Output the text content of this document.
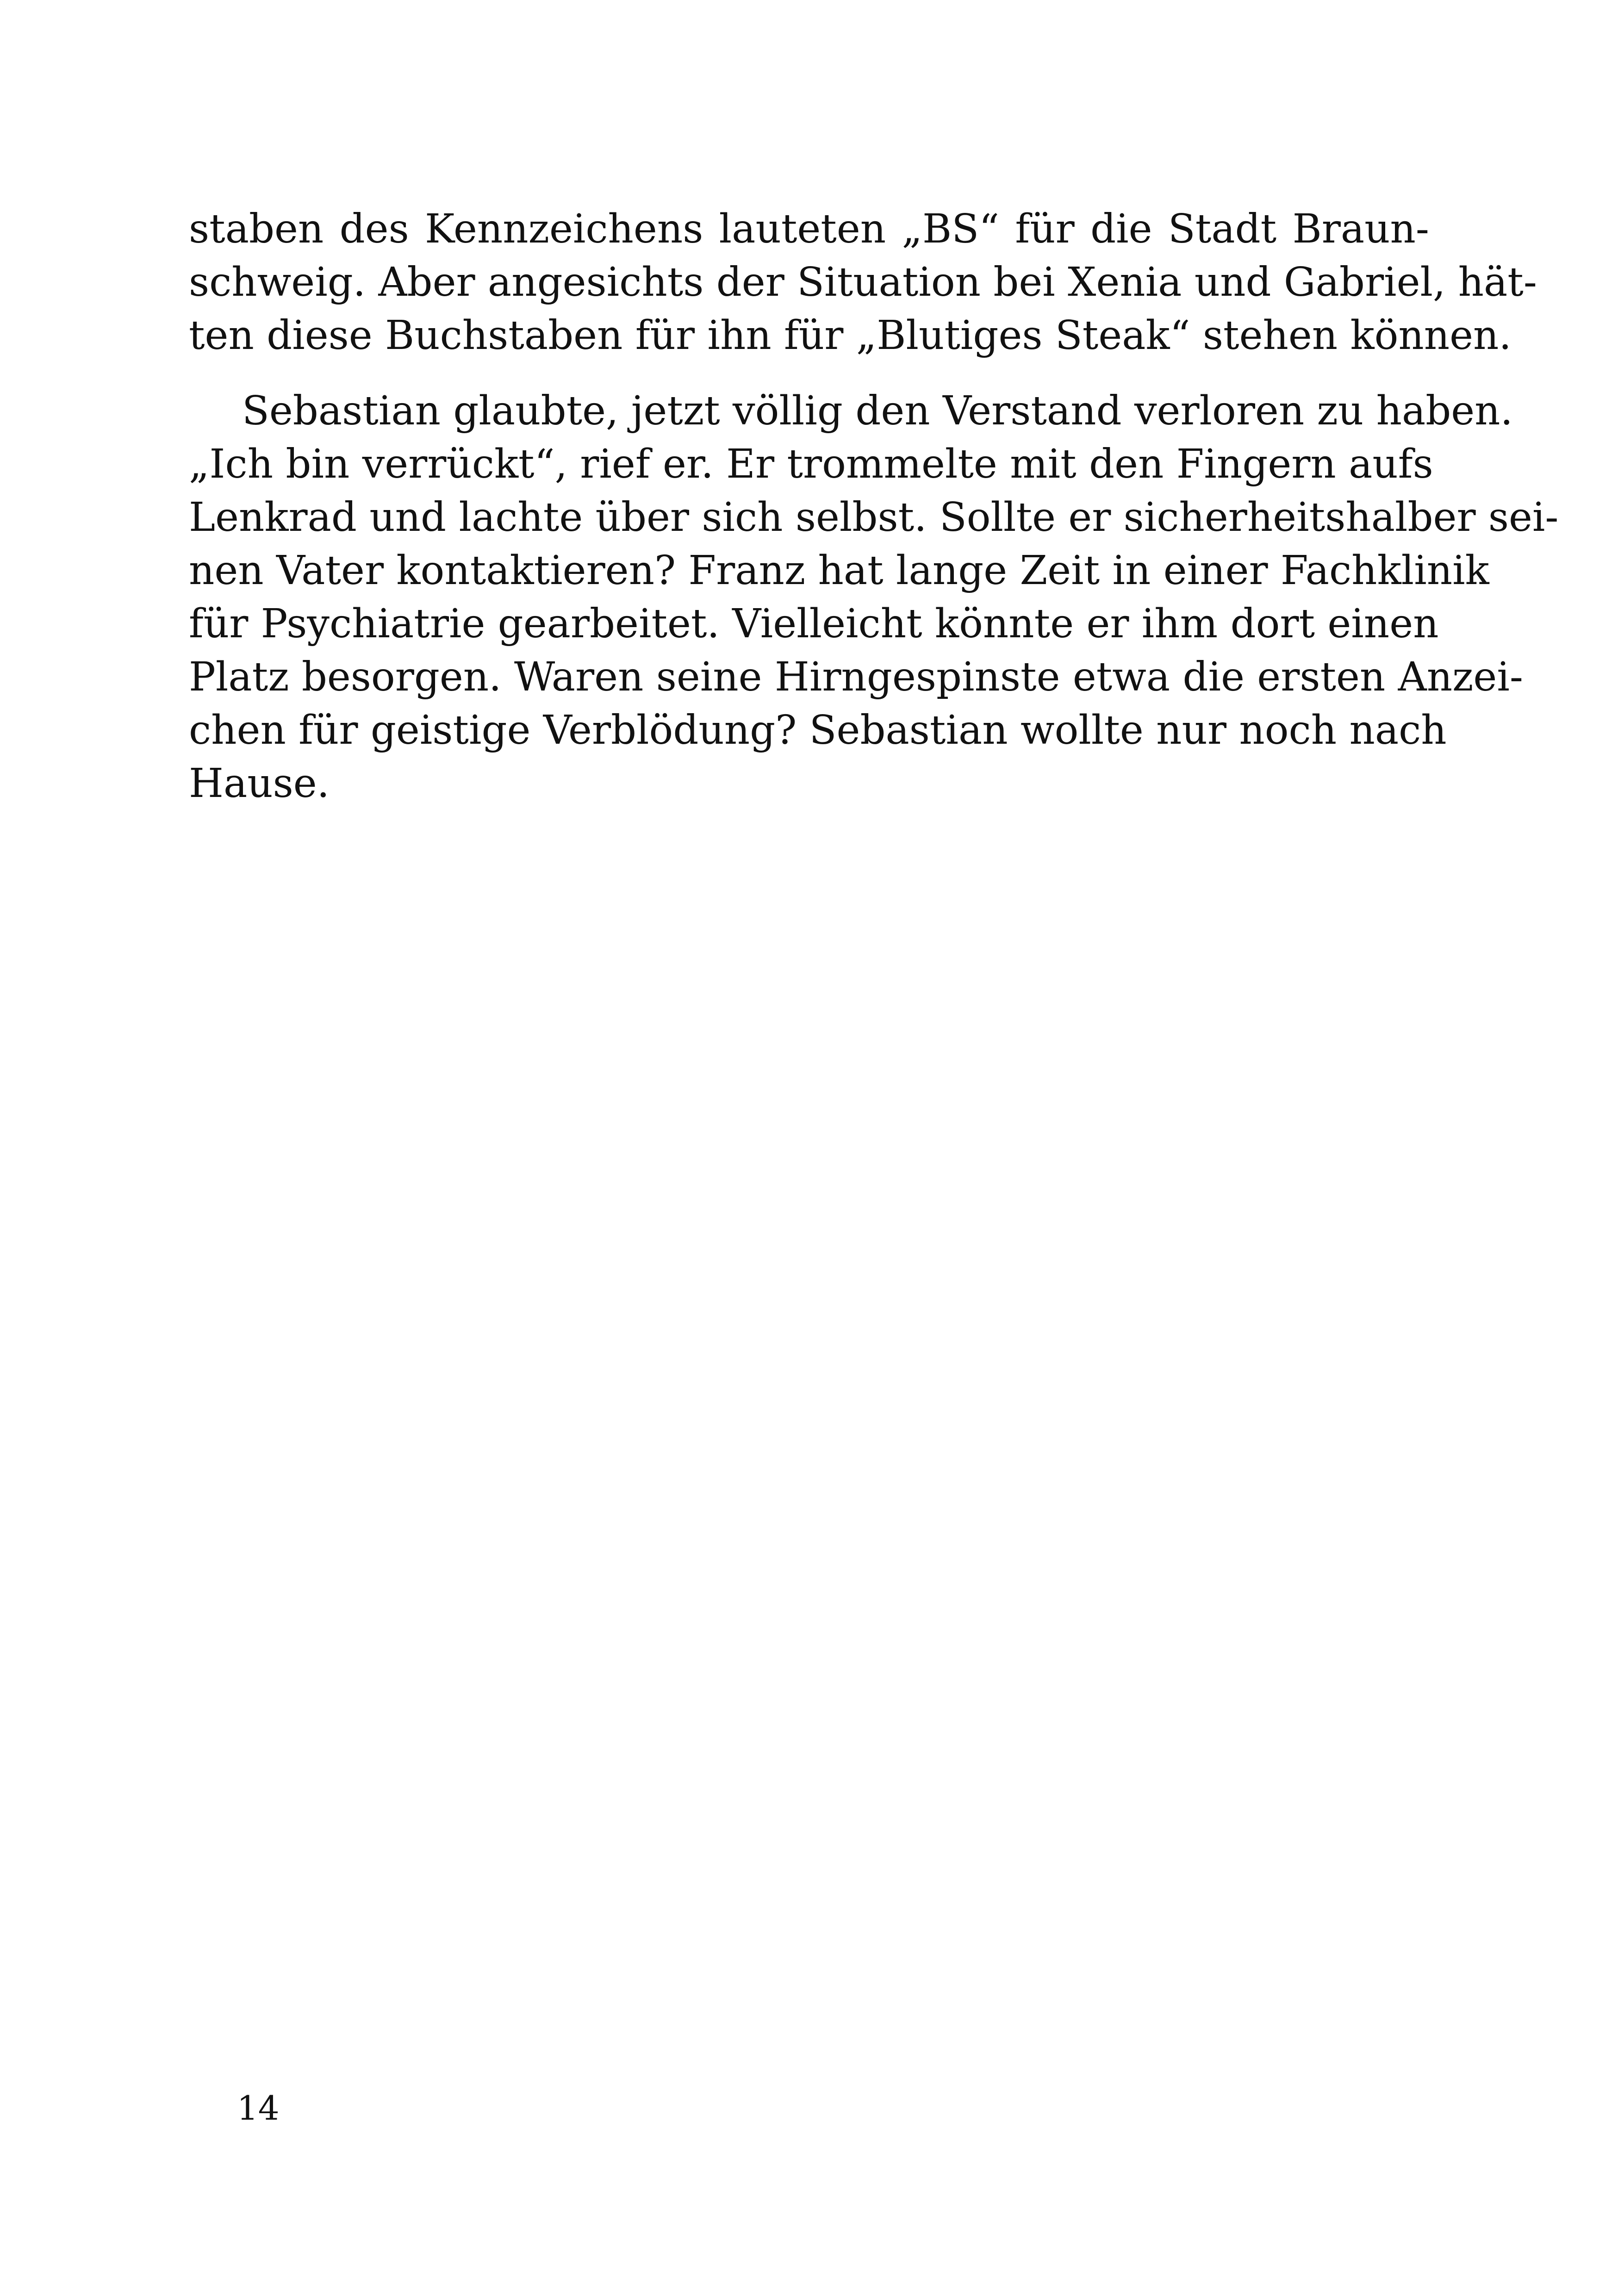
staben des Kennzeichens lauteten „BS“ für die Stadt Braun-
schweig. Aber angesichts der Situation bei Xenia und Gabriel, hät-
ten diese Buchstaben für ihn für „Blutiges Steak“ stehen können.
Sebastian glaubte, jetzt völlig den Verstand verloren zu haben.
„Ich bin verrückt“, rief er. Er trommelte mit den Fingern aufs
Lenkrad und lachte über sich selbst. Sollte er sicherheitshalber sei-
nen Vater kontaktieren? Franz hat lange Zeit in einer Fachklinik
für Psychiatrie gearbeitet. Vielleicht könnte er ihm dort einen
Platz besorgen. Waren seine Hirngespinste etwa die ersten Anzei-
chen für geistige Verblödung? Sebastian wollte nur noch nach
Hause.
14
